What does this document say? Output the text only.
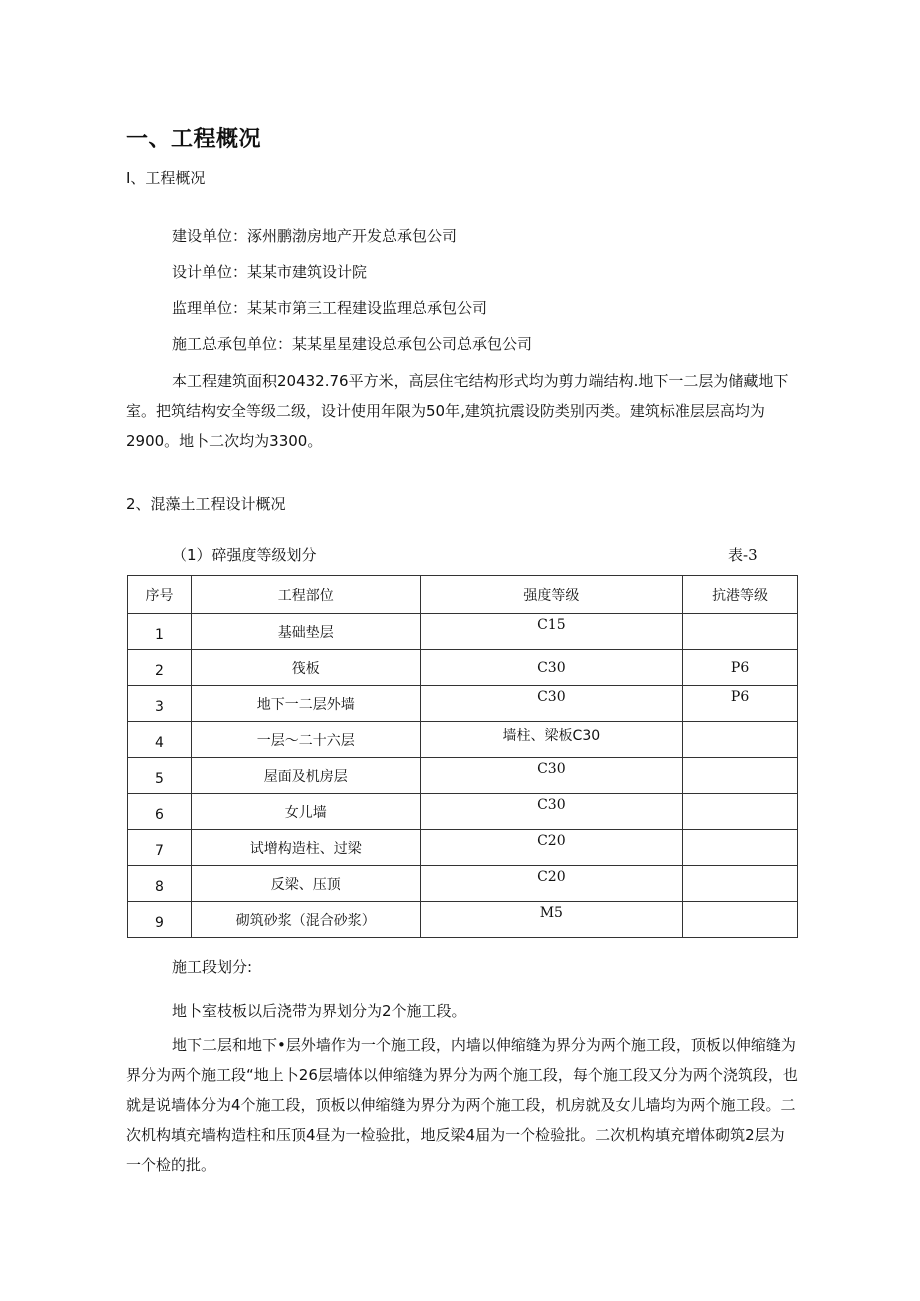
一、工程概况
I、工程概况
建设单位：涿州鹏渤房地产开发总承包公司
设计单位：某某市建筑设计院
监理单位：某某市第三工程建设监理总承包公司
施工总承包单位：某某星星建设总承包公司总承包公司
本工程建筑面积20432.76平方米，高层住宅结构形式均为剪力端结构.地下一二层为储藏地下室。把筑结构安全等级二级，设计使用年限为50年,建筑抗震设防类别丙类。建筑标准层层高均为2900。地卜二次均为3300。
2、混藻土工程设计概况
（1）碎强度等级划分	表-3
序号	工程部位	强度等级	抗港等级
1	基础垫层	C15	
2	筏板	C30	P6
3	地下一二层外墙	C30	P6
4	一层〜二十六层	墙柱、梁板C30	
5	屋面及机房层	C30	
6	女儿墙	C30	
7	试增构造柱、过梁	C20	
8	反梁、压顶	C20	
9	砌筑砂浆（混合砂浆）	M5	
施工段划分:
地卜室枝板以后浇带为界划分为2个施工段。
地下二层和地下•层外墙作为一个施工段，内墙以伸缩缝为界分为两个施工段，顶板以伸缩缝为界分为两个施工段“地上卜26层墙体以伸缩缝为界分为两个施工段，每个施工段又分为两个浇筑段，也就是说墙体分为4个施工段，顶板以伸缩缝为界分为两个施工段，机房就及女儿墙均为两个施工段。二次机构填充墙构造柱和压顶4昼为一检验批，地反梁4届为一个检验批。二次机构填充增体砌筑2层为一个检的批。
